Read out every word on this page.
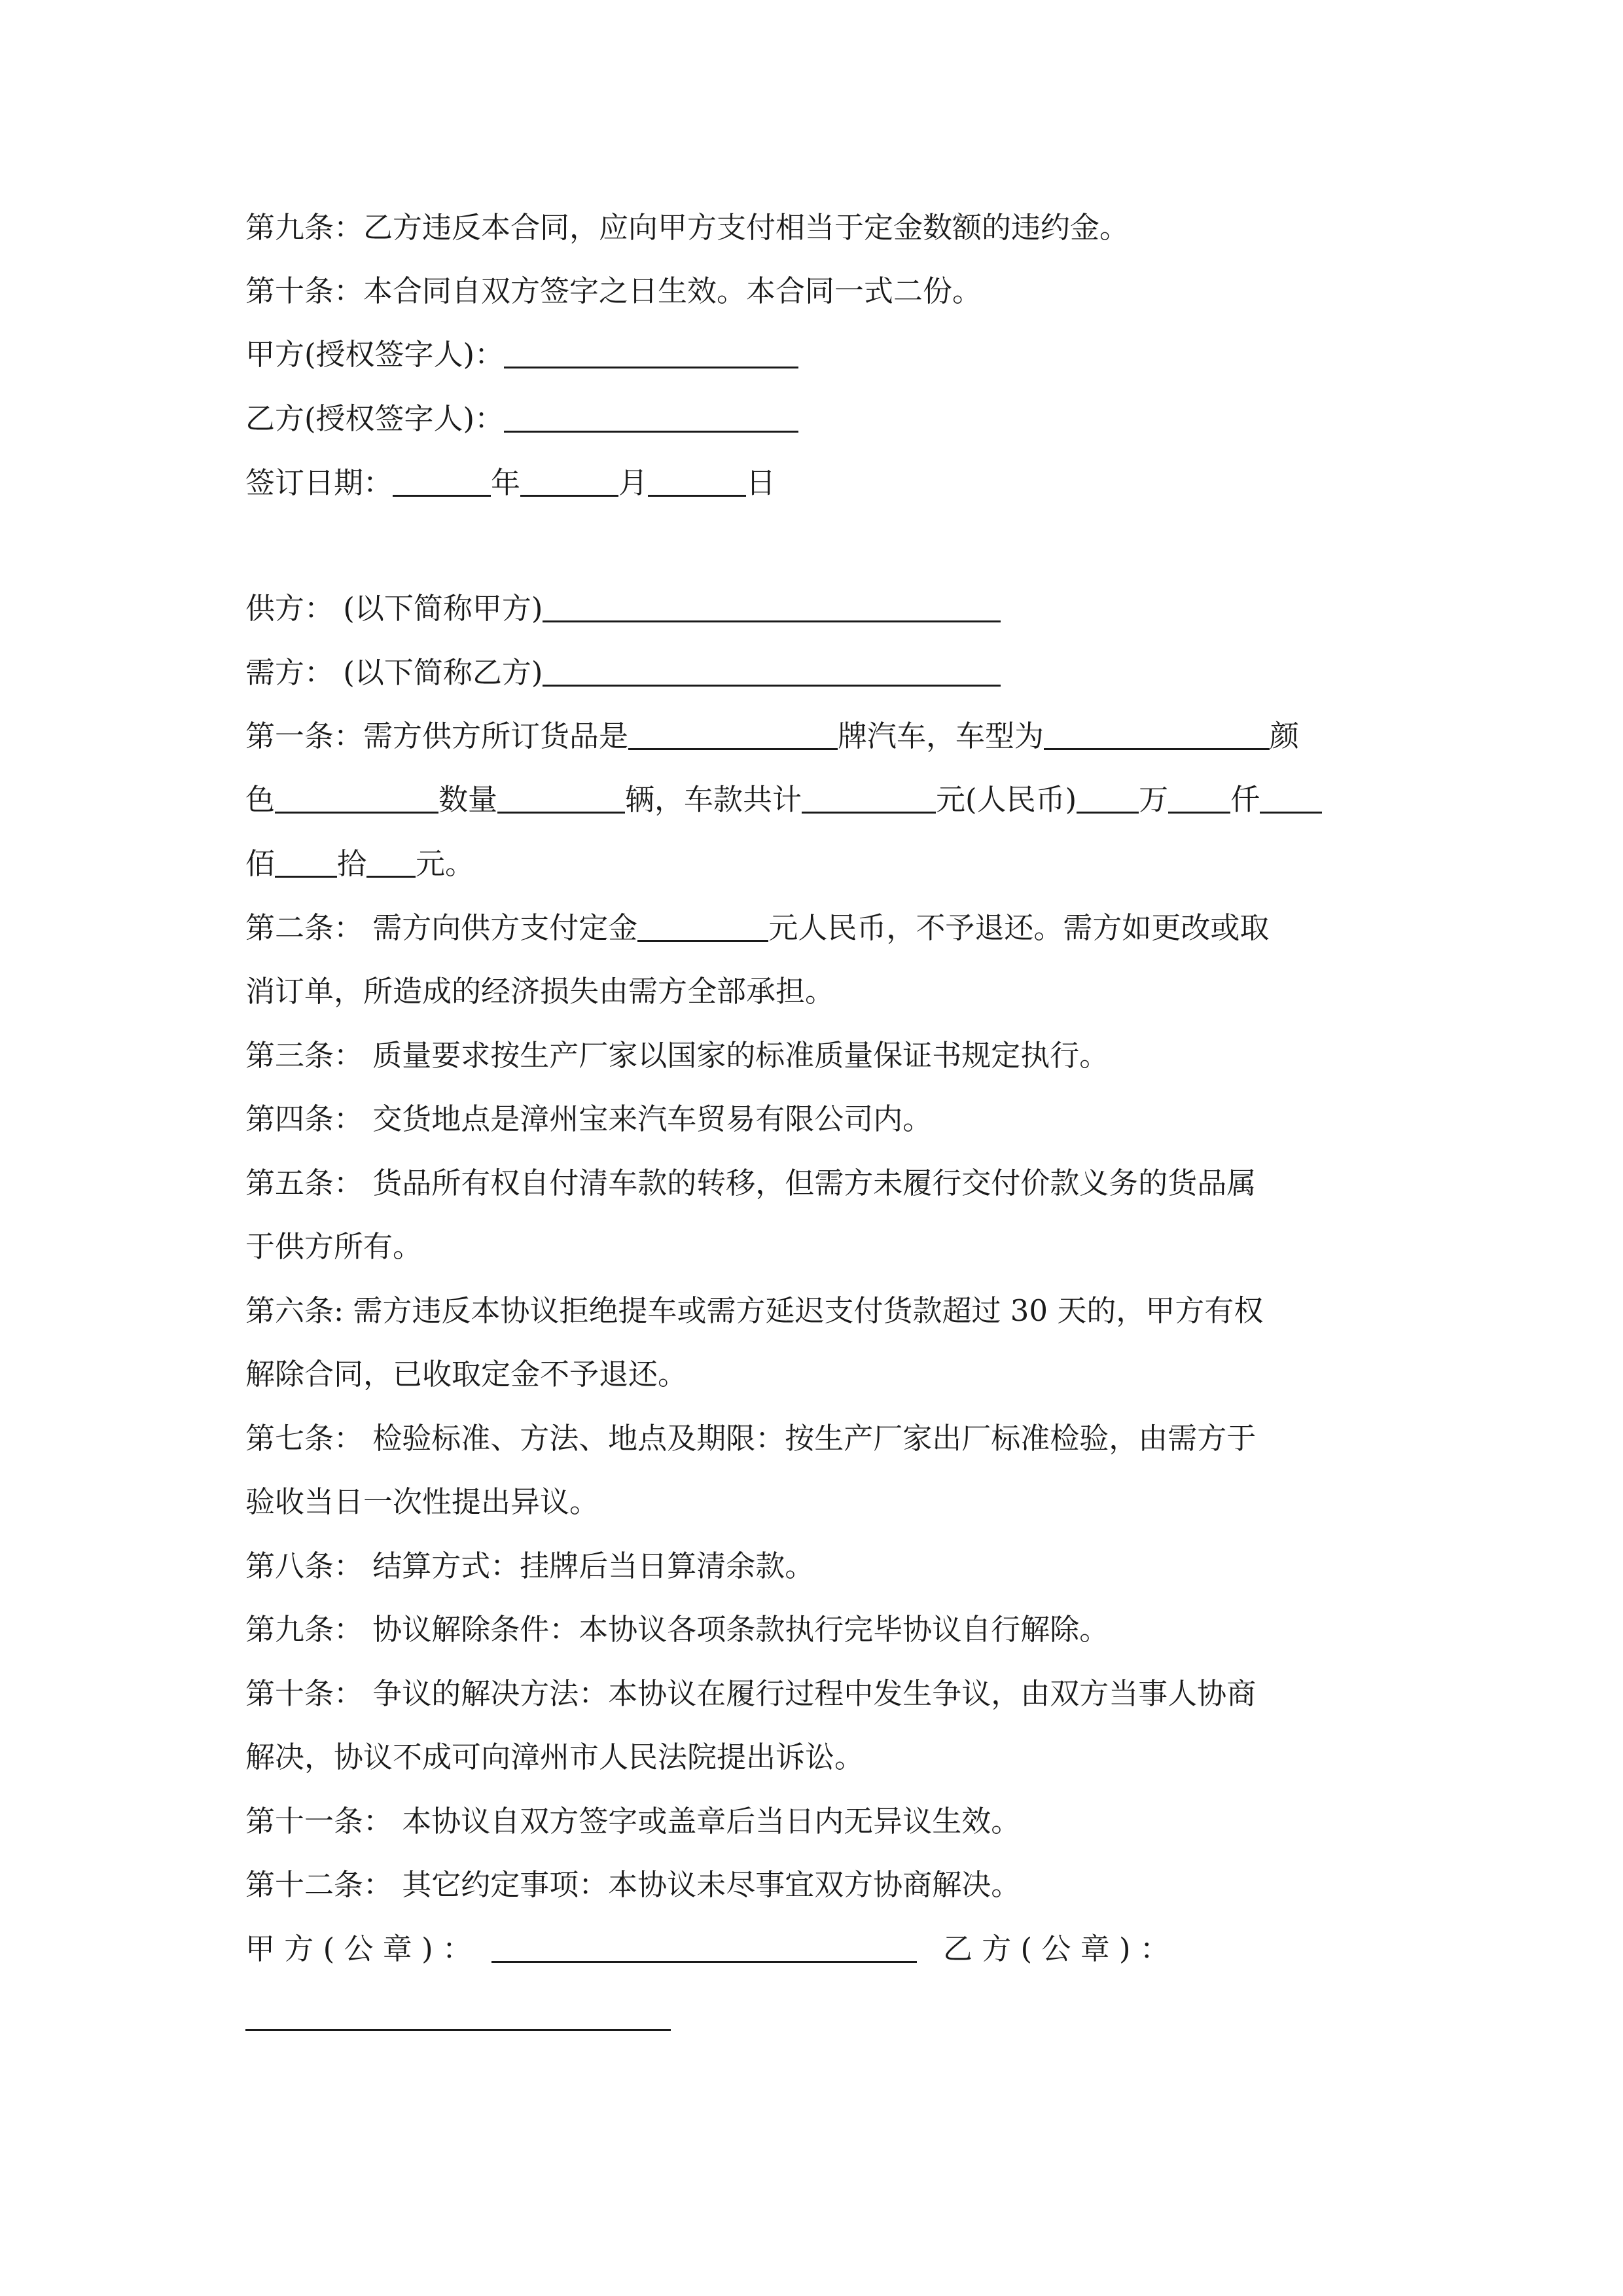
第九条：乙方违反本合同，应向甲方支付相当于定金数额的违约金。
第十条：本合同自双方签字之日生效。本合同一式二份。
甲方(授权签字人)：
乙方(授权签字人)：
签订日期：	年	月	日
供方： (以下简称甲方)
需方： (以下简称乙方)
第一条：需方供方所订货品是	牌汽车，车型为	颜
色	数量	辆，车款共计	元(人民币) 万 仟
佰 拾 元。
第二条： 需方向供方支付定金	元人民币，不予退还。需方如更改或取
消订单，所造成的经济损失由需方全部承担。
第三条： 质量要求按生产厂家以国家的标准质量保证书规定执行。
第四条： 交货地点是漳州宝来汽车贸易有限公司内。
第五条： 货品所有权自付清车款的转移，但需方未履行交付价款义务的货品属
于供方所有。
第六条: 需方违反本协议拒绝提车或需方延迟支付货款超过 30 天的，甲方有权
解除合同，已收取定金不予退还。
第七条： 检验标准、方法、地点及期限：按生产厂家出厂标准检验，由需方于
验收当日一次性提出异议。
第八条： 结算方式：挂牌后当日算清余款。
第九条： 协议解除条件：本协议各项条款执行完毕协议自行解除。
第十条： 争议的解决方法：本协议在履行过程中发生争议，由双方当事人协商
解决，协议不成可向漳州市人民法院提出诉讼。
第十一条： 本协议自双方签字或盖章后当日内无异议生效。
第十二条： 其它约定事项：本协议未尽事宜双方协商解决。
甲 方 ( 公 章 ) ：	乙 方 ( 公 章 ) ：
